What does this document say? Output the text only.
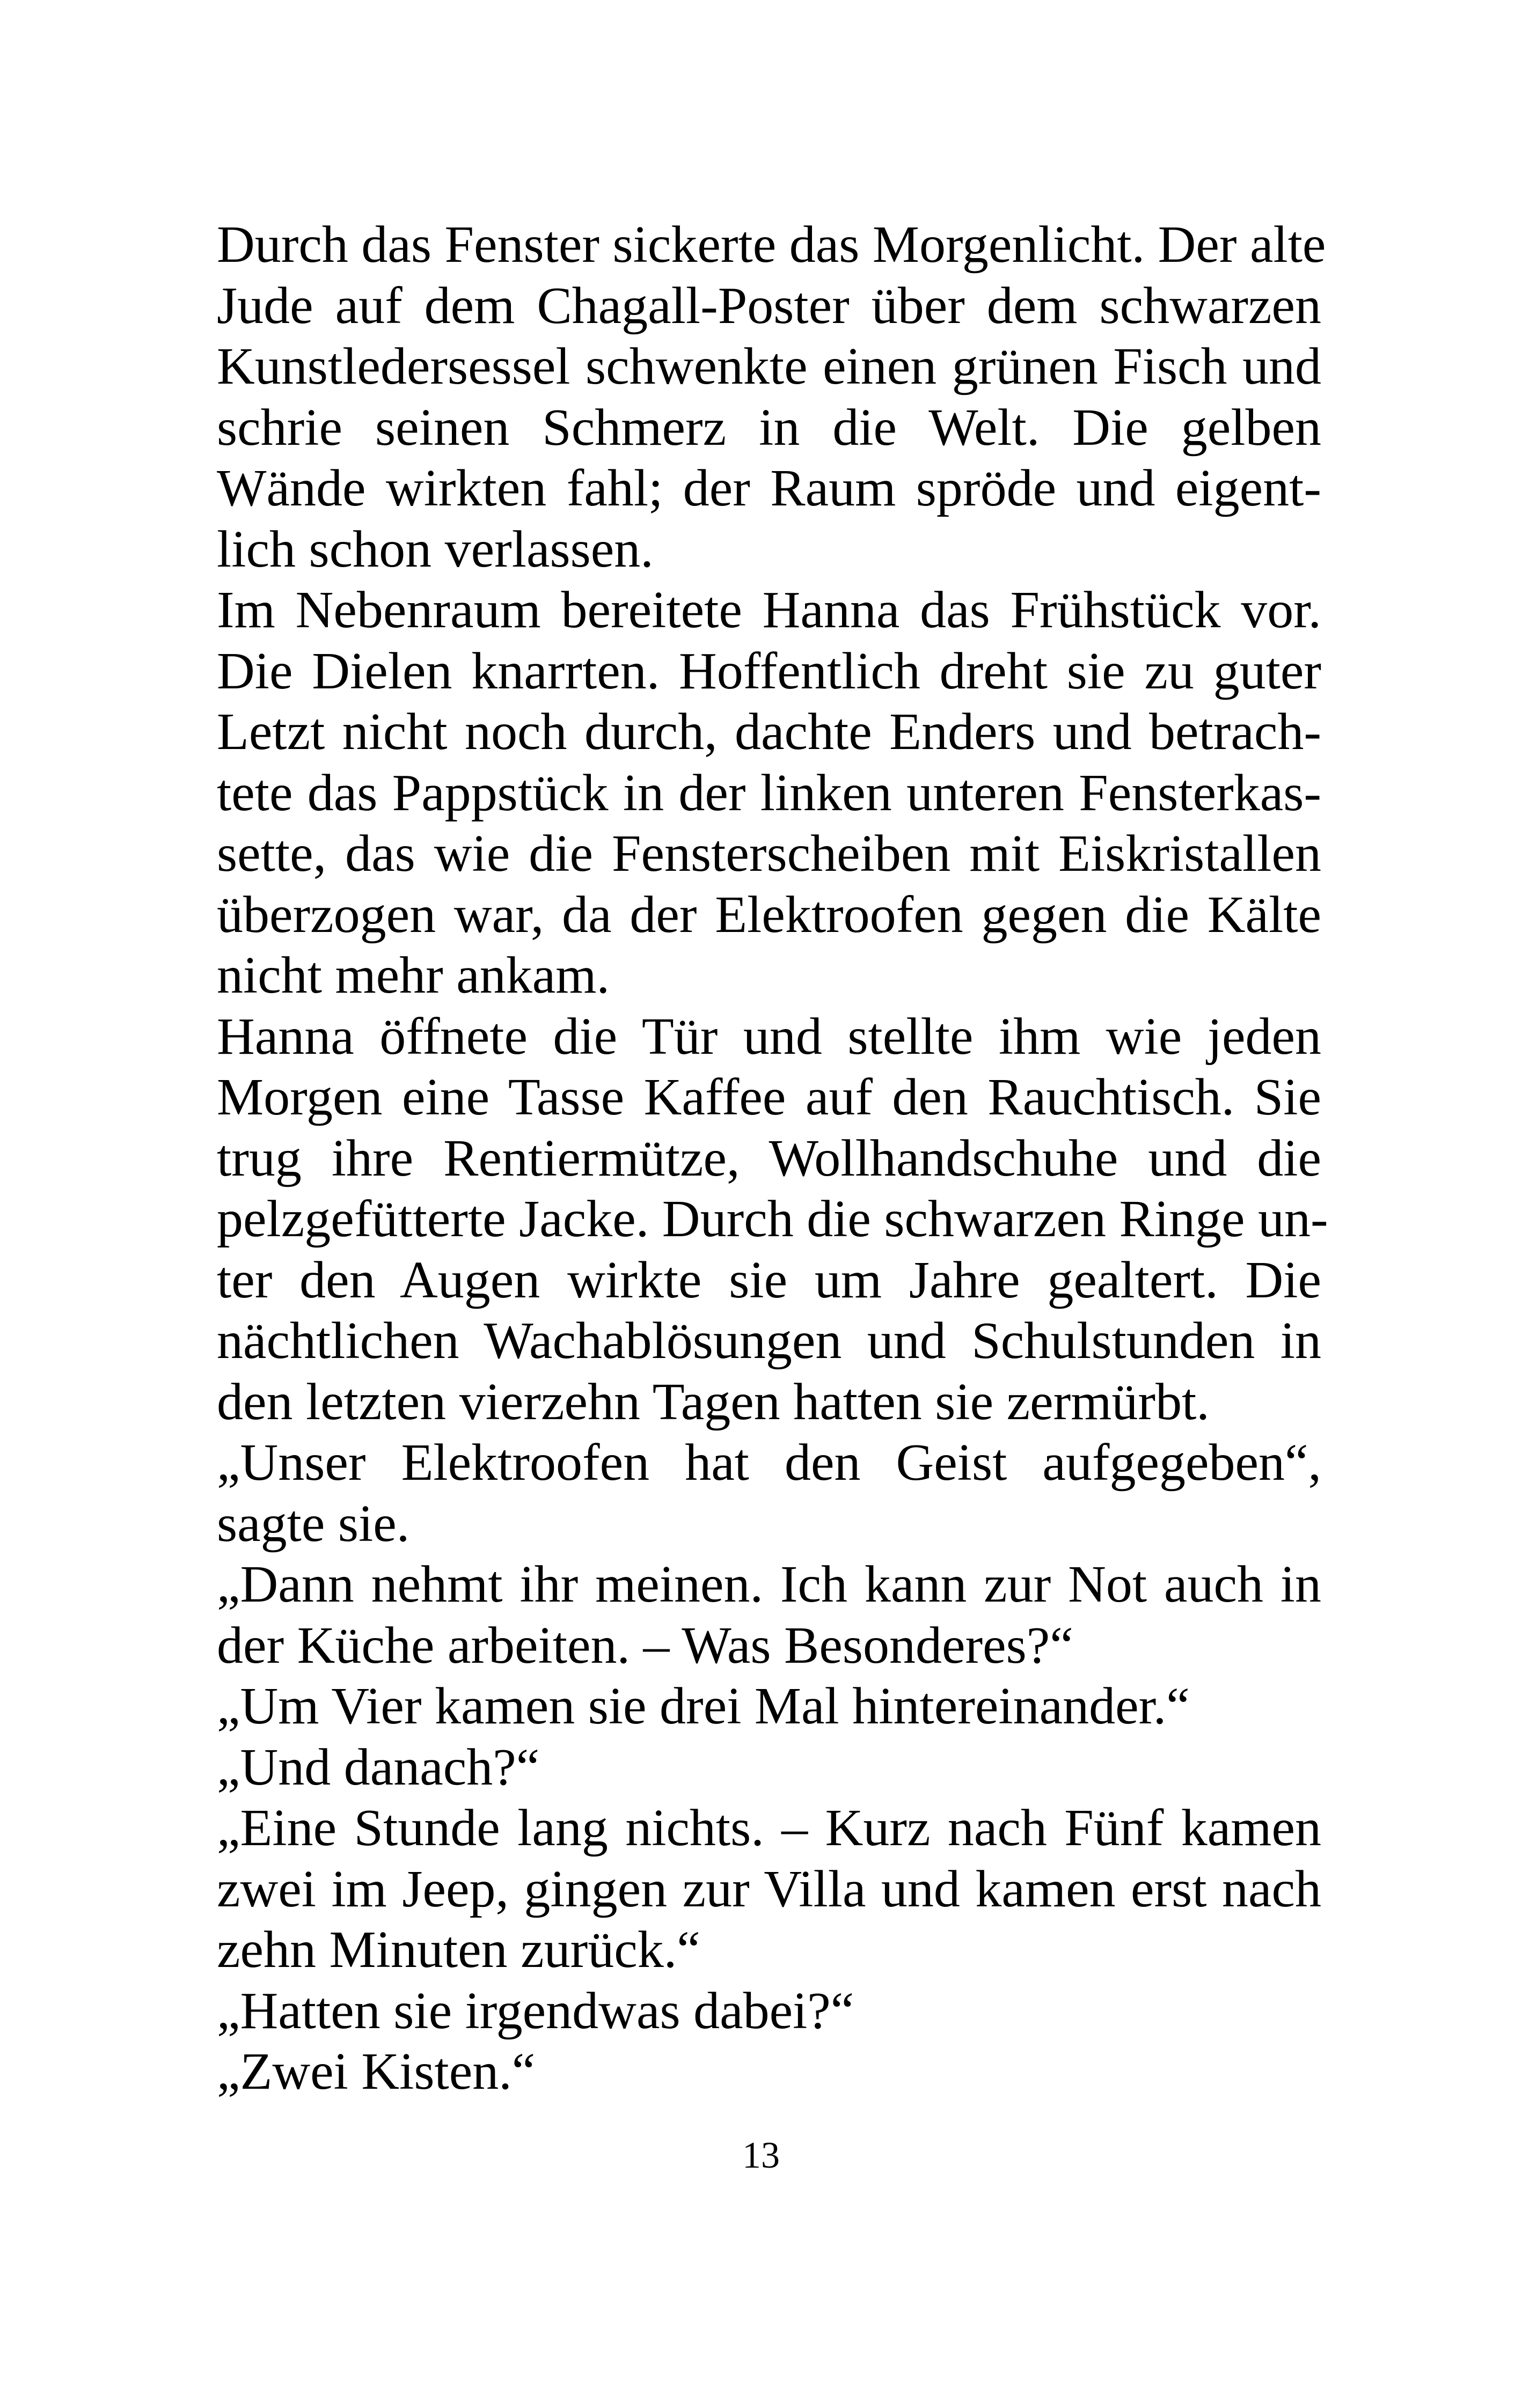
Durch das Fenster sickerte das Morgenlicht. Der alte
Jude auf dem Chagall-Poster über dem schwarzen
Kunstledersessel schwenkte einen grünen Fisch und
schrie seinen Schmerz in die Welt. Die gelben
Wände wirkten fahl; der Raum spröde und eigent-
lich schon verlassen.
Im Nebenraum bereitete Hanna das Frühstück vor.
Die Dielen knarrten. Hoffentlich dreht sie zu guter
Letzt nicht noch durch, dachte Enders und betrach-
tete das Pappstück in der linken unteren Fensterkas-
sette, das wie die Fensterscheiben mit Eiskristallen
überzogen war, da der Elektroofen gegen die Kälte
nicht mehr ankam.
Hanna öffnete die Tür und stellte ihm wie jeden
Morgen eine Tasse Kaffee auf den Rauchtisch. Sie
trug ihre Rentiermütze, Wollhandschuhe und die
pelzgefütterte Jacke. Durch die schwarzen Ringe un-
ter den Augen wirkte sie um Jahre gealtert. Die
nächtlichen Wachablösungen und Schulstunden in
den letzten vierzehn Tagen hatten sie zermürbt.
„Unser Elektroofen hat den Geist aufgegeben“,
sagte sie.
„Dann nehmt ihr meinen. Ich kann zur Not auch in
der Küche arbeiten. – Was Besonderes?“
„Um Vier kamen sie drei Mal hintereinander.“
„Und danach?“
„Eine Stunde lang nichts. – Kurz nach Fünf kamen
zwei im Jeep, gingen zur Villa und kamen erst nach
zehn Minuten zurück.“
„Hatten sie irgendwas dabei?“
„Zwei Kisten.“
13
